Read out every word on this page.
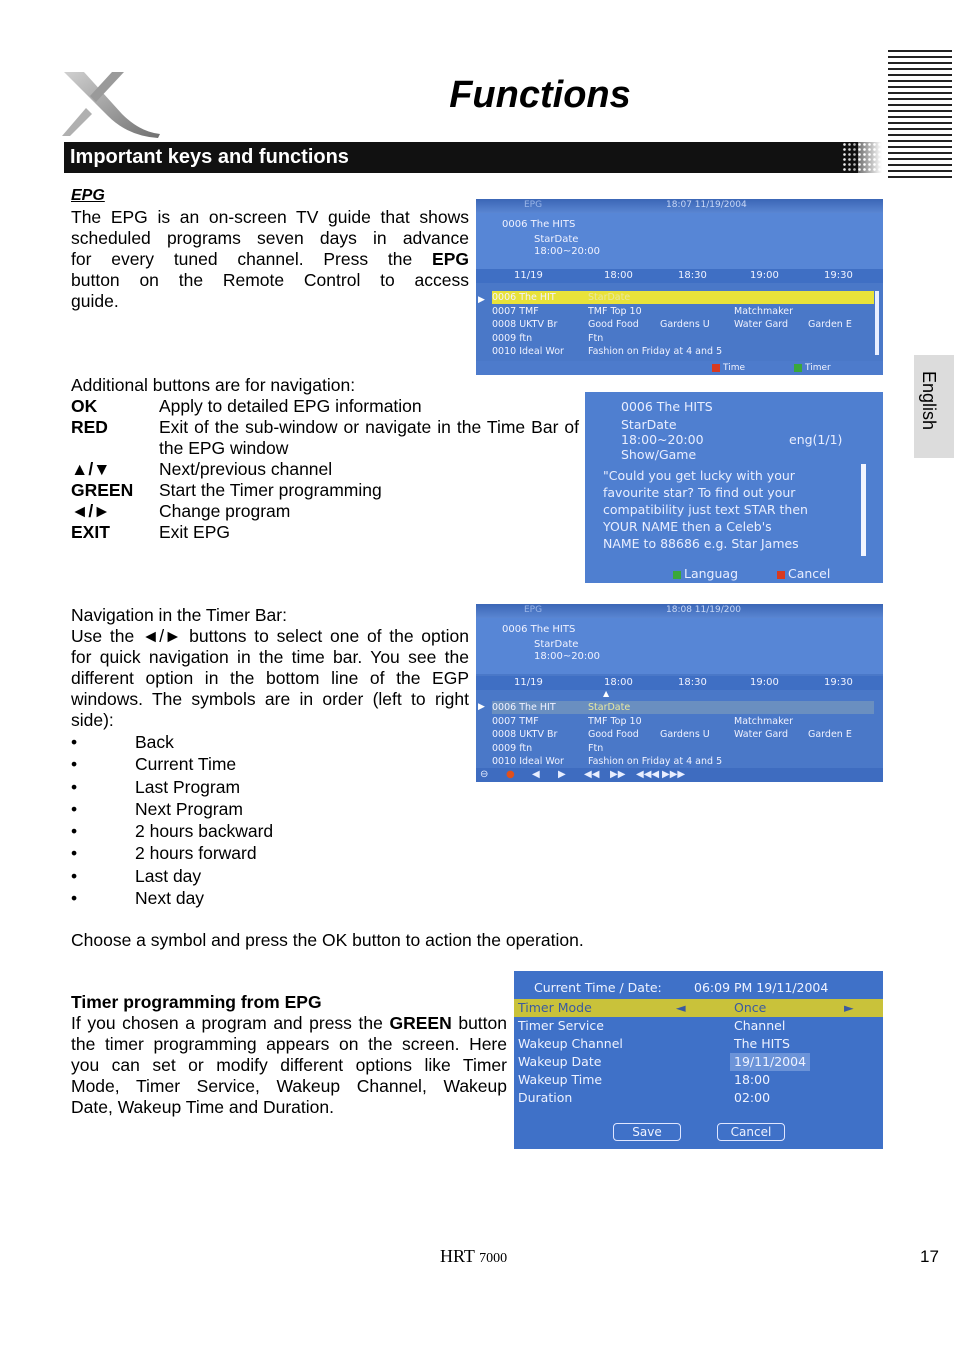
Functions
Important keys and functions
English
EPG
The EPG is an on-screen TV guide that shows
scheduled programs seven days in advance
for every tuned channel. Press the EPG
button on the Remote Control to access
guide.
EPG	18:07 11/19/2004
0006 The HITS
StarDate
18:00~20:00
11/19	18:00	18:30	19:00	19:30
▶ 0006 The HIT	StarDate
0007 TMF	TMF Top 10	Matchmaker
0008 UKTV Br	Good Food	Gardens U	Water Gard	Garden E
0009 ftn	Ftn
0010 Ideal Wor	Fashion on Friday at 4 and 5
Time	Timer
Additional buttons are for navigation:
OK	Apply to detailed EPG information
RED	Exit of the sub-window or navigate in the Time Bar of the EPG window
▲/▼	Next/previous channel
GREEN Start the Timer programming
◄/►	Change program
EXIT	Exit EPG
0006 The HITS
StarDate
18:00~20:00	eng(1/1)
Show/Game
"Could you get lucky with your
favourite star? To find out your
compatibility just text STAR then
YOUR NAME then a Celeb's
NAME to 88686 e.g. Star James
Languag	Cancel
Navigation in the Timer Bar:
Use the ◄/► buttons to select one of the option
for quick navigation in the time bar. You see the
different option in the bottom line of the EGP
windows. The symbols are in order (left to right
side):
•	Back
•	Current Time
•	Last Program
•	Next Program
•	2 hours backward
•	2 hours forward
•	Last day
•	Next day
Choose a symbol and press the OK button to action the operation.
EPG	18:08 11/19/200
0006 The HITS
StarDate
18:00~20:00
11/19	18:00	18:30	19:00	19:30
▲
▶ 0006 The HIT	StarDate
0007 TMF	TMF Top 10	Matchmaker
0008 UKTV Br	Good Food	Gardens U	Water Gard	Garden E
0009 ftn	Ftn
0010 Ideal Wor	Fashion on Friday at 4 and 5
⊖ ● ◀ ▶ ◀◀ ▶▶ ◀◀◀ ▶▶▶
Timer programming from EPG
If you chosen a program and press the GREEN button
the timer programming appears on the screen. Here
you can set or modify different options like Timer
Mode, Timer Service, Wakeup Channel, Wakeup
Date, Wakeup Time and Duration.
Current Time / Date:	06:09 PM 19/11/2004
Timer Mode	Once
◄	►
Timer Service	Channel
Wakeup Channel	The HITS
Wakeup Date	19/11/2004
Wakeup Time	18:00
Duration	02:00
Save	Cancel
HRT 7000	17
